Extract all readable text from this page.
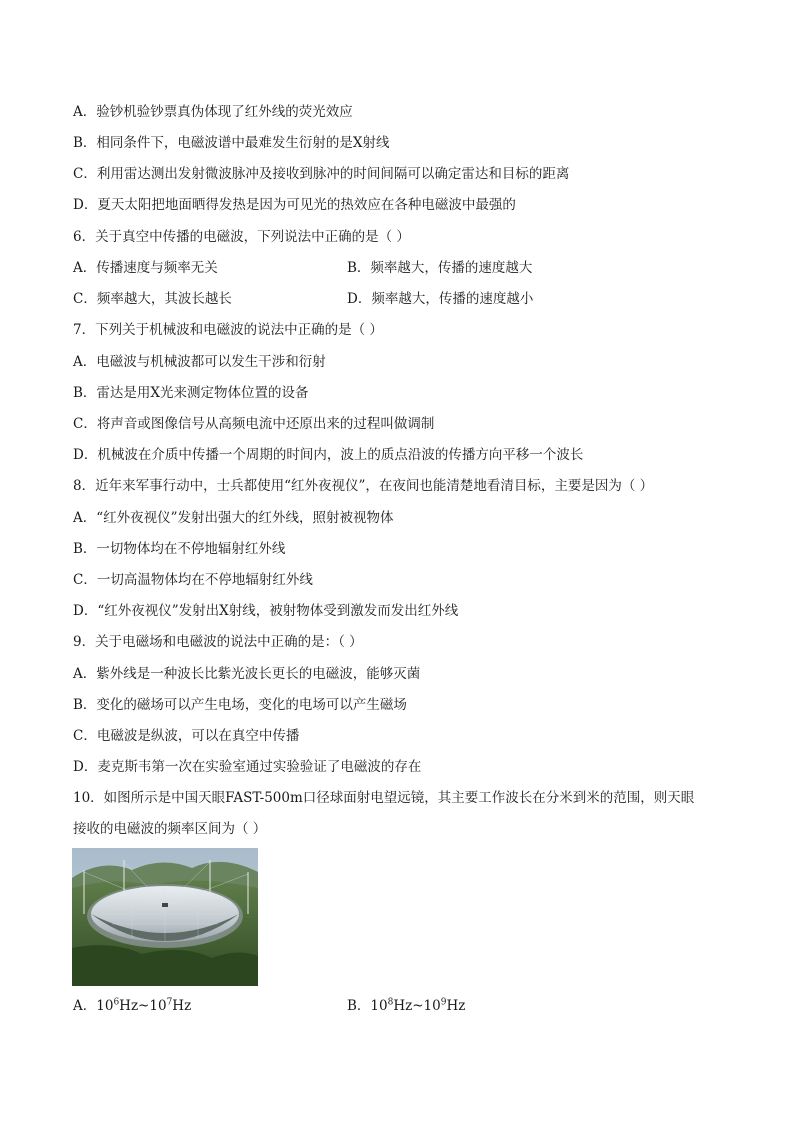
A．验钞机验钞票真伪体现了红外线的荧光效应
B．相同条件下，电磁波谱中最难发生衍射的是X射线
C．利用雷达测出发射微波脉冲及接收到脉冲的时间间隔可以确定雷达和目标的距离
D．夏天太阳把地面晒得发热是因为可见光的热效应在各种电磁波中最强的
6．关于真空中传播的电磁波，下列说法中正确的是（ ）
A．传播速度与频率无关	B．频率越大，传播的速度越大
C．频率越大，其波长越长	D．频率越大，传播的速度越小
7．下列关于机械波和电磁波的说法中正确的是（ ）
A．电磁波与机械波都可以发生干涉和衍射
B．雷达是用X光来测定物体位置的设备
C．将声音或图像信号从高频电流中还原出来的过程叫做调制
D．机械波在介质中传播一个周期的时间内，波上的质点沿波的传播方向平移一个波长
8．近年来军事行动中，士兵都使用“红外夜视仪”，在夜间也能清楚地看清目标，主要是因为（ ）
A．“红外夜视仪”发射出强大的红外线，照射被视物体
B．一切物体均在不停地辐射红外线
C．一切高温物体均在不停地辐射红外线
D．“红外夜视仪”发射出X射线，被射物体受到激发而发出红外线
9．关于电磁场和电磁波的说法中正确的是：（ ）
A．紫外线是一种波长比紫光波长更长的电磁波，能够灭菌
B．变化的磁场可以产生电场，变化的电场可以产生磁场
C．电磁波是纵波，可以在真空中传播
D．麦克斯韦第一次在实验室通过实验验证了电磁波的存在
10．如图所示是中国天眼FAST-500m口径球面射电望远镜，其主要工作波长在分米到米的范围，则天眼
接收的电磁波的频率区间为（ ）
A．$10^6Hz\sim 10^7Hz$	B．$10^8Hz\sim 10^9Hz$
